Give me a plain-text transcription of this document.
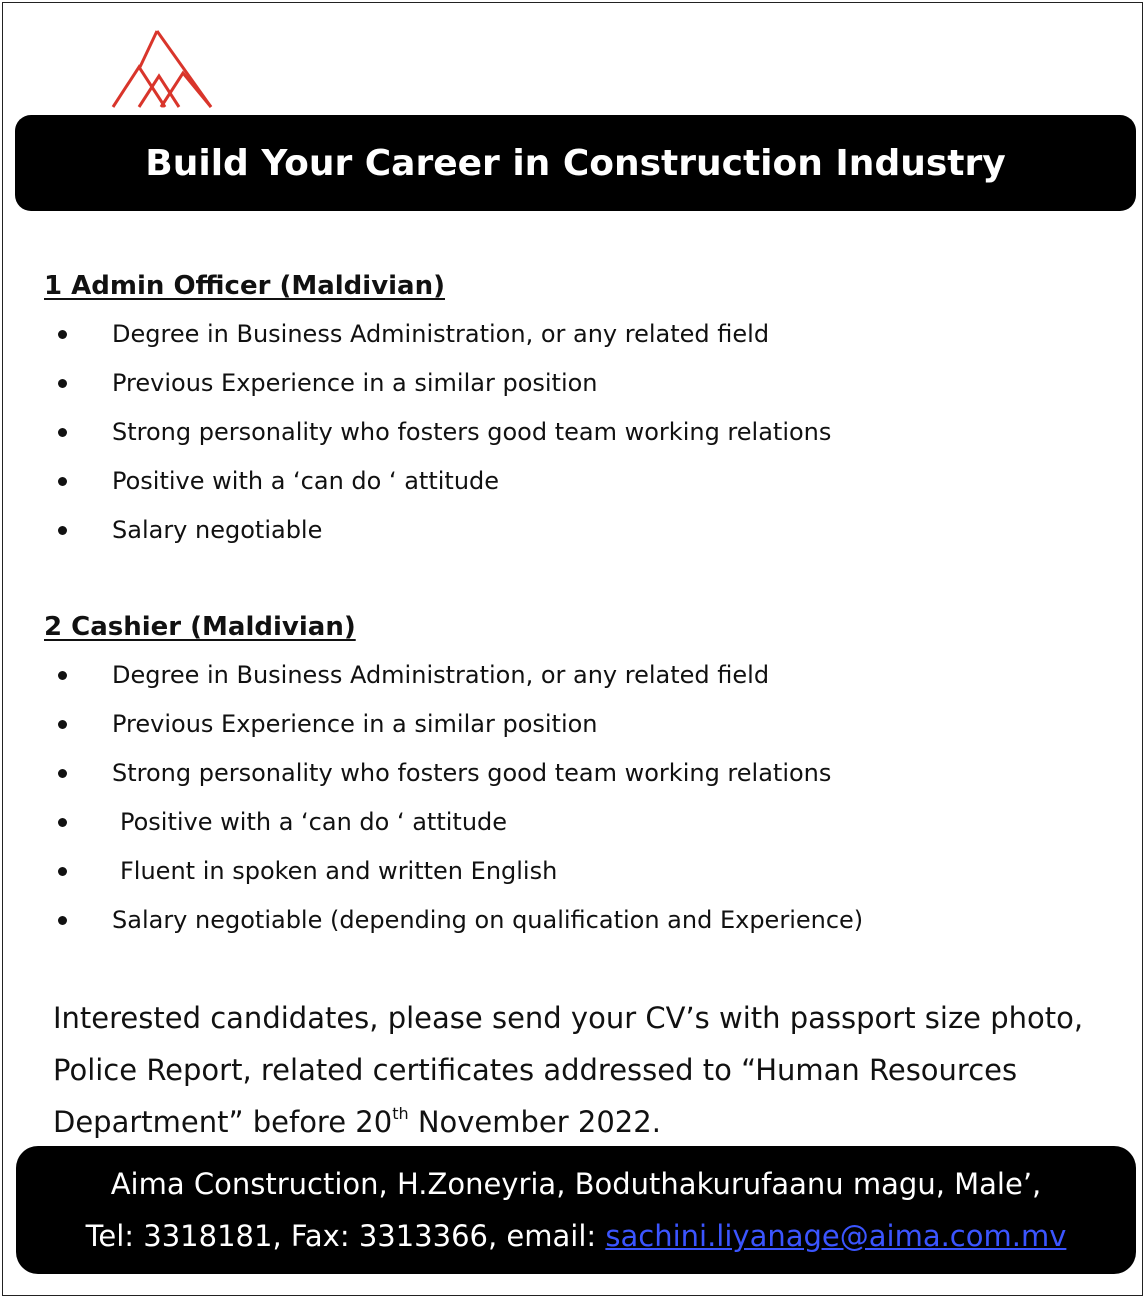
Build Your Career in Construction Industry
1 Admin Officer (Maldivian)
Degree in Business Administration, or any related field
Previous Experience in a similar position
Strong personality who fosters good team working relations
Positive with a ‘can do ‘ attitude
Salary negotiable
2 Cashier (Maldivian)
Degree in Business Administration, or any related field
Previous Experience in a similar position
Strong personality who fosters good team working relations
Positive with a ‘can do ‘ attitude
Fluent in spoken and written English
Salary negotiable (depending on qualification and Experience)

Interested candidates, please send your CV’s with passport size photo, Police Report, related certificates addressed to “Human Resources Department” before 20th November 2022.

Aima Construction, H.Zoneyria, Boduthakurufaanu magu, Male’,
Tel: 3318181, Fax: 3313366, email: sachini.liyanage@aima.com.mv
